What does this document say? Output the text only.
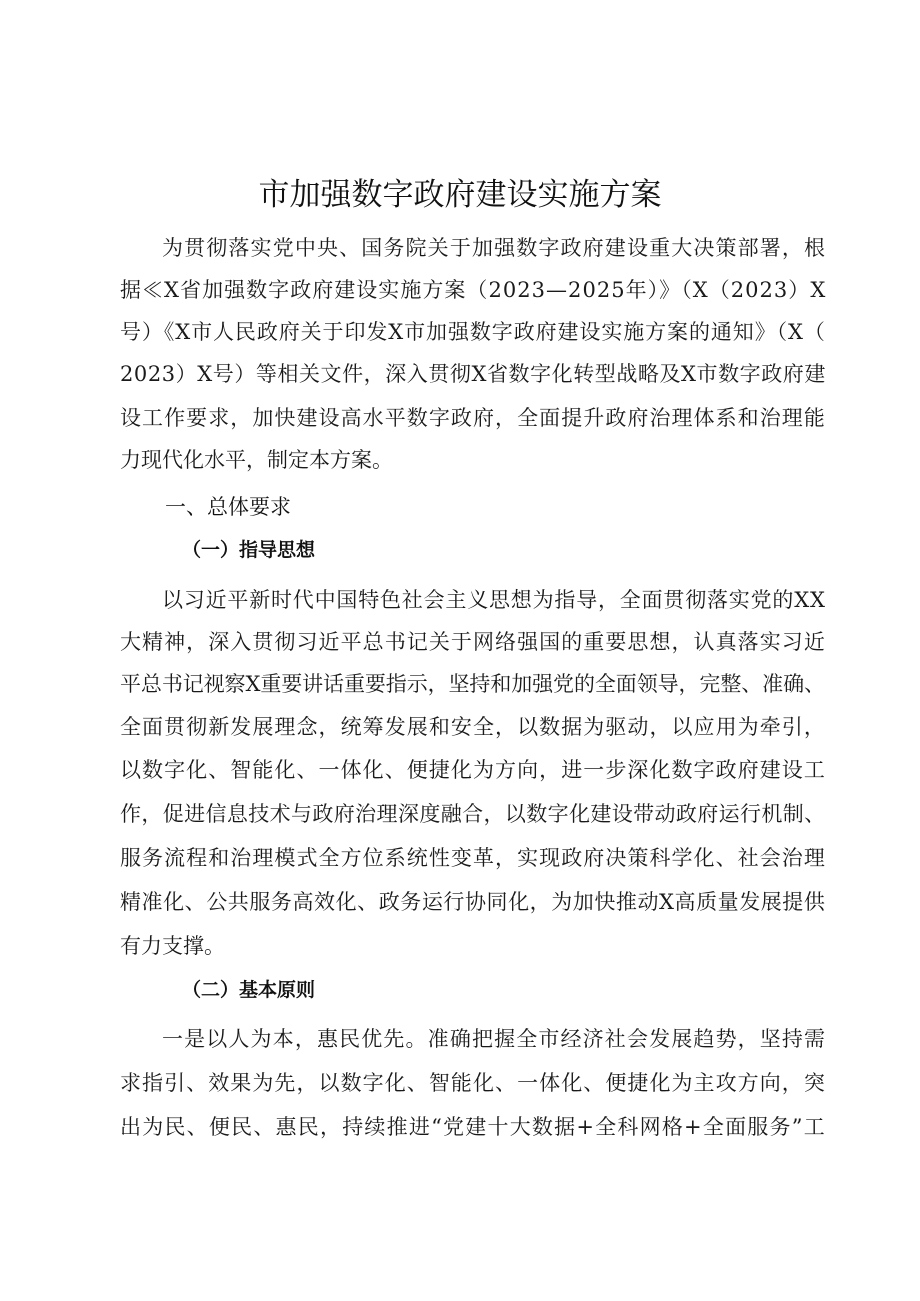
市加强数字政府建设实施方案
为贯彻落实党中央、国务院关于加强数字政府建设重大决策部署，根
据≪X省加强数字政府建设实施方案（2023—2025年）》（X（2023）X
号）《X市人民政府关于印发X市加强数字政府建设实施方案的通知》（X（
2023）X号）等相关文件，深入贯彻X省数字化转型战略及X市数字政府建
设工作要求，加快建设高水平数字政府，全面提升政府治理体系和治理能
力现代化水平，制定本方案。
一、总体要求
（一）指导思想
以习近平新时代中国特色社会主义思想为指导，全面贯彻落实党的XX
大精神，深入贯彻习近平总书记关于网络强国的重要思想，认真落实习近
平总书记视察X重要讲话重要指示，坚持和加强党的全面领导，完整、准确、
全面贯彻新发展理念，统筹发展和安全，以数据为驱动，以应用为牵引，
以数字化、智能化、一体化、便捷化为方向，进一步深化数字政府建设工
作，促进信息技术与政府治理深度融合，以数字化建设带动政府运行机制、
服务流程和治理模式全方位系统性变革，实现政府决策科学化、社会治理
精准化、公共服务高效化、政务运行协同化，为加快推动X高质量发展提供
有力支撑。
（二）基本原则
一是以人为本，惠民优先。准确把握全市经济社会发展趋势，坚持需
求指引、效果为先，以数字化、智能化、一体化、便捷化为主攻方向，突
出为民、便民、惠民，持续推进“党建十大数据+全科网格+全面服务”工
